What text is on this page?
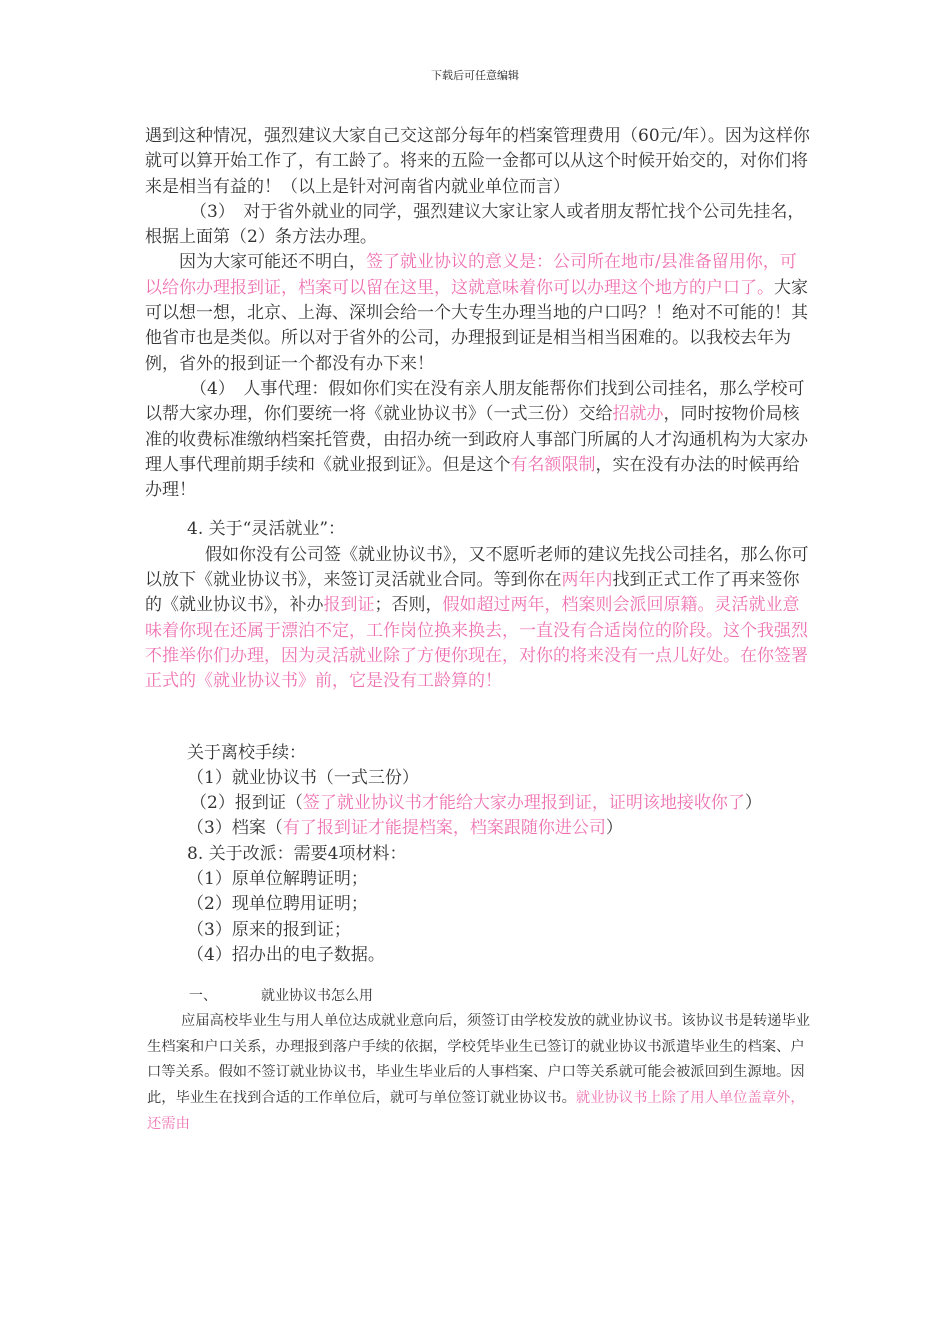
下载后可任意编辑

遇到这种情况，强烈建议大家自己交这部分每年的档案管理费用（60元/年）。因为这样你就可以算开始工作了，有工龄了。将来的五险一金都可以从这个时候开始交的，对你们将来是相当有益的！（以上是针对河南省内就业单位而言）

（3）　对于省外就业的同学，强烈建议大家让家人或者朋友帮忙找个公司先挂名，根据上面第（2）条方法办理。

因为大家可能还不明白，签了就业协议的意义是：公司所在地市/县准备留用你，可以给你办理报到证，档案可以留在这里，这就意味着你可以办理这个地方的户口了。大家可以想一想，北京、上海、深圳会给一个大专生办理当地的户口吗？！绝对不可能的！其他省市也是类似。所以对于省外的公司，办理报到证是相当相当困难的。以我校去年为例，省外的报到证一个都没有办下来！

（4）　人事代理：假如你们实在没有亲人朋友能帮你们找到公司挂名，那么学校可以帮大家办理，你们要统一将《就业协议书》（一式三份）交给招就办，同时按物价局核准的收费标准缴纳档案托管费，由招办统一到政府人事部门所属的人才沟通机构为大家办理人事代理前期手续和《就业报到证》。但是这个有名额限制，实在没有办法的时候再给办理！

4. 关于“灵活就业”：

假如你没有公司签《就业协议书》，又不愿听老师的建议先找公司挂名，那么你可以放下《就业协议书》，来签订灵活就业合同。等到你在两年内找到正式工作了再来签你的《就业协议书》，补办报到证；否则，假如超过两年，档案则会派回原籍。灵活就业意味着你现在还属于漂泊不定，工作岗位换来换去，一直没有合适岗位的阶段。这个我强烈不推举你们办理，因为灵活就业除了方便你现在，对你的将来没有一点儿好处。在你签署正式的《就业协议书》前，它是没有工龄算的！

关于离校手续：

（1）就业协议书（一式三份）

（2）报到证（签了就业协议书才能给大家办理报到证，证明该地接收你了）

（3）档案（有了报到证才能提档案，档案跟随你进公司）

8. 关于改派：需要4项材料：

（1）原单位解聘证明；

（2）现单位聘用证明；

（3）原来的报到证；

（4）招办出的电子数据。

一、	就业协议书怎么用

应届高校毕业生与用人单位达成就业意向后，须签订由学校发放的就业协议书。该协议书是转递毕业生档案和户口关系，办理报到落户手续的依据，学校凭毕业生已签订的就业协议书派遣毕业生的档案、户口等关系。假如不签订就业协议书，毕业生毕业后的人事档案、户口等关系就可能会被派回到生源地。因此，毕业生在找到合适的工作单位后，就可与单位签订就业协议书。就业协议书上除了用人单位盖章外，还需由
